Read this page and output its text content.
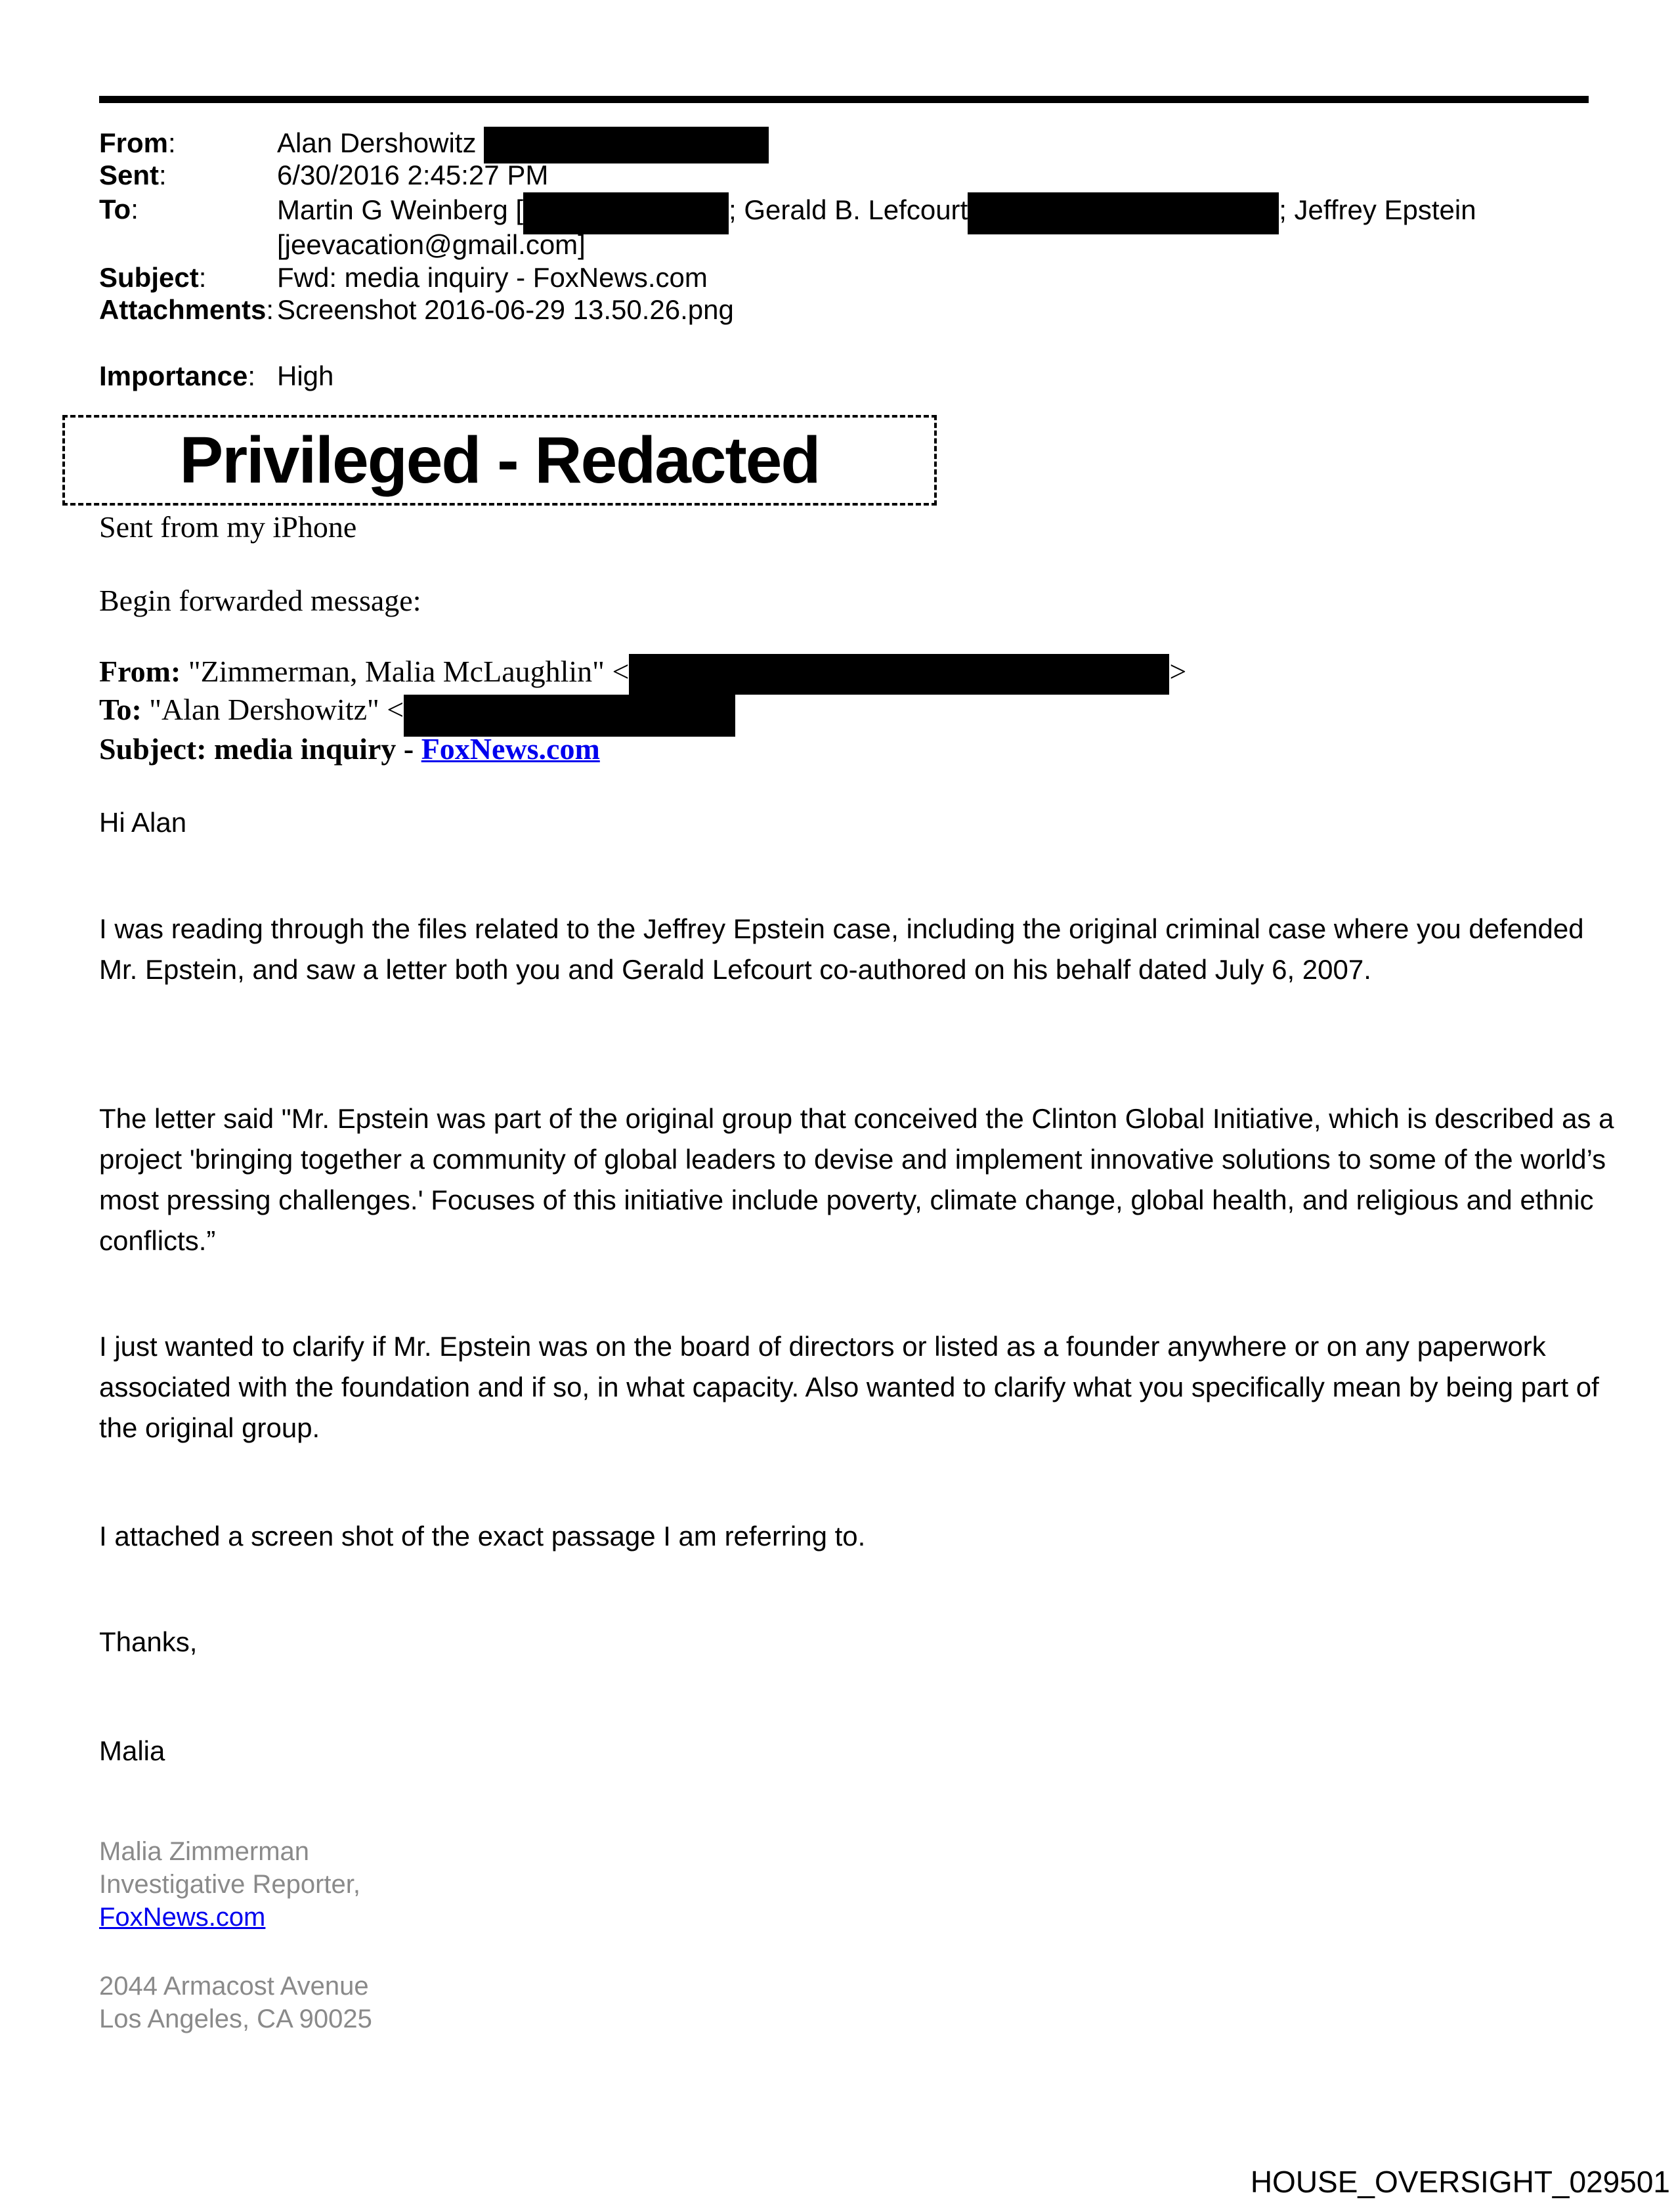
From:	Alan Dershowitz
Sent:	6/30/2016 2:45:27 PM
To:	Martin G Weinberg [	; Gerald B. Lefcourt	; Jeffrey Epstein
[jeevacation@gmail.com]
Subject:	Fwd: media inquiry - FoxNews.com
Attachments: Screenshot 2016-06-29 13.50.26.png
Importance: High
Privileged - Redacted
Sent from my iPhone
Begin forwarded message:
From: "Zimmerman, Malia McLaughlin" <	>
To: "Alan Dershowitz" <
Subject: media inquiry - FoxNews.com
Hi Alan
I was reading through the files related to the Jeffrey Epstein case, including the original criminal case where you defended Mr. Epstein, and saw a letter both you and Gerald Lefcourt co-authored on his behalf dated July 6, 2007.
The letter said "Mr. Epstein was part of the original group that conceived the Clinton Global Initiative, which is described as a project 'bringing together a community of global leaders to devise and implement innovative solutions to some of the world’s most pressing challenges.' Focuses of this initiative include poverty, climate change, global health, and religious and ethnic conflicts.”
I just wanted to clarify if Mr. Epstein was on the board of directors or listed as a founder anywhere or on any paperwork associated with the foundation and if so, in what capacity. Also wanted to clarify what you specifically mean by being part of the original group.
I attached a screen shot of the exact passage I am referring to.
Thanks,
Malia
Malia Zimmerman
Investigative Reporter,
FoxNews.com
2044 Armacost Avenue
Los Angeles, CA 90025
HOUSE_OVERSIGHT_029501
